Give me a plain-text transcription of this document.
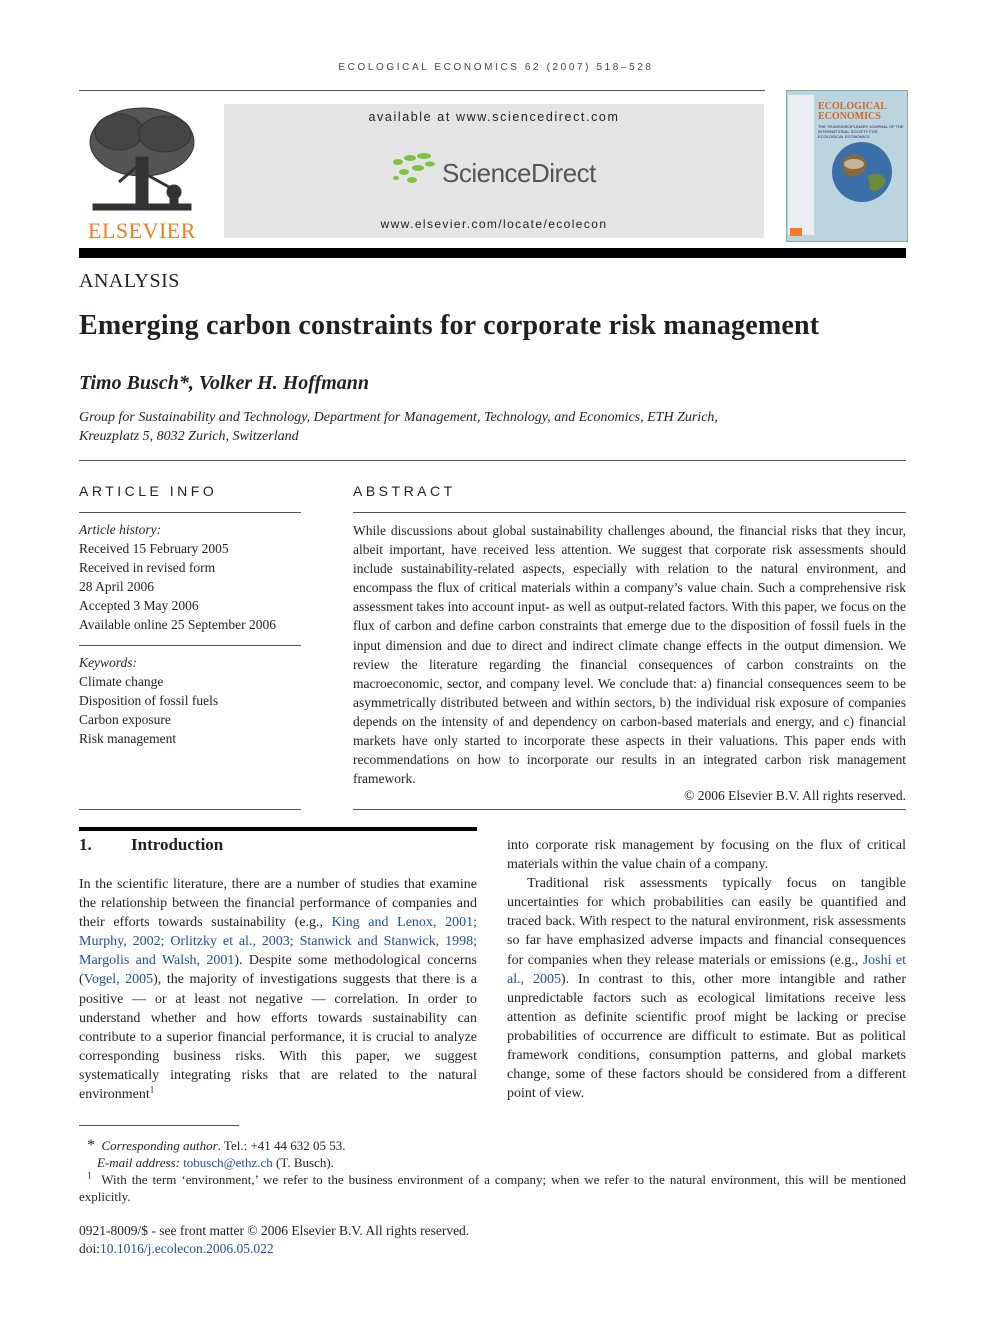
ECOLOGICAL ECONOMICS 62 (2007) 518–528
ELSEVIER
available at www.sciencedirect.com
ScienceDirect
www.elsevier.com/locate/ecolecon
ECOLOGICAL ECONOMICS
THE TRANSDISCIPLINARY JOURNAL OF THE INTERNATIONAL SOCIETY FOR ECOLOGICAL ECONOMICS
ANALYSIS
Emerging carbon constraints for corporate risk management
Timo Busch*, Volker H. Hoffmann
Group for Sustainability and Technology, Department for Management, Technology, and Economics, ETH Zurich,
Kreuzplatz 5, 8032 Zurich, Switzerland
ARTICLE INFO	ABSTRACT
Article history:
Received 15 February 2005
Received in revised form
28 April 2006
Accepted 3 May 2006
Available online 25 September 2006
Keywords:
Climate change
Disposition of fossil fuels
Carbon exposure
Risk management
While discussions about global sustainability challenges abound, the financial risks that they incur, albeit important, have received less attention. We suggest that corporate risk assessments should include sustainability-related aspects, especially with relation to the natural environment, and encompass the flux of critical materials within a company’s value chain. Such a comprehensive risk assessment takes into account input- as well as output-related factors. With this paper, we focus on the flux of carbon and define carbon constraints that emerge due to the disposition of fossil fuels in the input dimension and due to direct and indirect climate change effects in the output dimension. We review the literature regarding the financial consequences of carbon constraints on the macroeconomic, sector, and company level. We conclude that: a) financial consequences seem to be asymmetrically distributed between and within sectors, b) the individual risk exposure of companies depends on the intensity of and dependency on carbon-based materials and energy, and c) financial markets have only started to incorporate these aspects in their valuations. This paper ends with recommendations on how to incorporate our results in an integrated carbon risk management framework.
© 2006 Elsevier B.V. All rights reserved.
1. Introduction

In the scientific literature, there are a number of studies that examine the relationship between the financial performance of companies and their efforts towards sustainability (e.g., King and Lenox, 2001; Murphy, 2002; Orlitzky et al., 2003; Stanwick and Stanwick, 1998; Margolis and Walsh, 2001). Despite some methodological concerns (Vogel, 2005), the majority of investigations suggests that there is a positive — or at least not negative — correlation. In order to understand whether and how efforts towards sustainability can contribute to a superior financial performance, it is crucial to analyze corresponding business risks. With this paper, we suggest systematically integrating risks that are related to the natural environment$^1$

into corporate risk management by focusing on the flux of critical materials within the value chain of a company.

Traditional risk assessments typically focus on tangible uncertainties for which probabilities can easily be quantified and traced back. With respect to the natural environment, risk assessments so far have emphasized adverse impacts and financial consequences for companies when they release materials or emissions (e.g., Joshi et al., 2005). In contrast to this, other more intangible and rather unpredictable factors such as ecological limitations receive less attention as definite scientific proof might be lacking or precise probabilities of occurrence are difficult to estimate. But as political framework conditions, consumption patterns, and global markets change, some of these factors should be considered from a different point of view.

* Corresponding author. Tel.: +41 44 632 05 53.
E-mail address: tobusch@ethz.ch (T. Busch).
$^1$ With the term ‘environment,’ we refer to the business environment of a company; when we refer to the natural environment, this will be mentioned explicitly.
0921-8009/$ - see front matter © 2006 Elsevier B.V. All rights reserved.
doi:10.1016/j.ecolecon.2006.05.022
